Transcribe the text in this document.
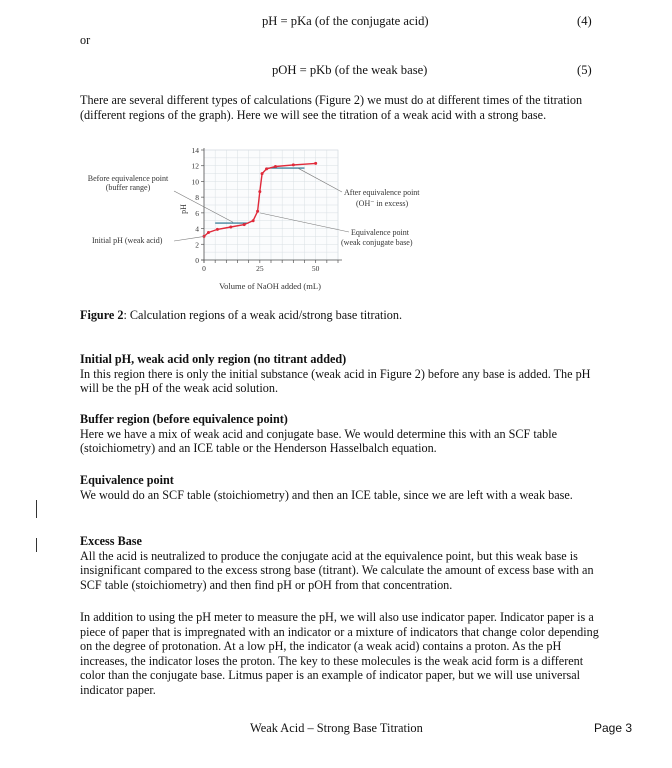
pH = pKa (of the conjugate acid)	(4)
or
pOH = pKb (of the weak base)	(5)
There are several different types of calculations (Figure 2) we must do at different times of the titration (different regions of the graph). Here we will see the titration of a weak acid with a strong base.
pH
Volume of NaOH added (mL)
0	25	50
0
2
4
6
8
10
12
14
Before equivalence point
(buffer range)
Initial pH (weak acid)
After equivalence point
(OH⁻ in excess)
Equivalence point
(weak conjugate base)
Figure 2: Calculation regions of a weak acid/strong base titration.
Initial pH, weak acid only region (no titrant added)
In this region there is only the initial substance (weak acid in Figure 2) before any base is added. The pH will be the pH of the weak acid solution.
Buffer region (before equivalence point)
Here we have a mix of weak acid and conjugate base. We would determine this with an SCF table (stoichiometry) and an ICE table or the Henderson Hasselbalch equation.
Equivalence point
We would do an SCF table (stoichiometry) and then an ICE table, since we are left with a weak base.
Excess Base
All the acid is neutralized to produce the conjugate acid at the equivalence point, but this weak base is insignificant compared to the excess strong base (titrant). We calculate the amount of excess base with an SCF table (stoichiometry) and then find pH or pOH from that concentration.
In addition to using the pH meter to measure the pH, we will also use indicator paper. Indicator paper is a piece of paper that is impregnated with an indicator or a mixture of indicators that change color depending on the degree of protonation. At a low pH, the indicator (a weak acid) contains a proton. As the pH increases, the indicator loses the proton. The key to these molecules is the weak acid form is a different color than the conjugate base. Litmus paper is an example of indicator paper, but we will use universal indicator paper.
Weak Acid – Strong Base Titration	Page 3
